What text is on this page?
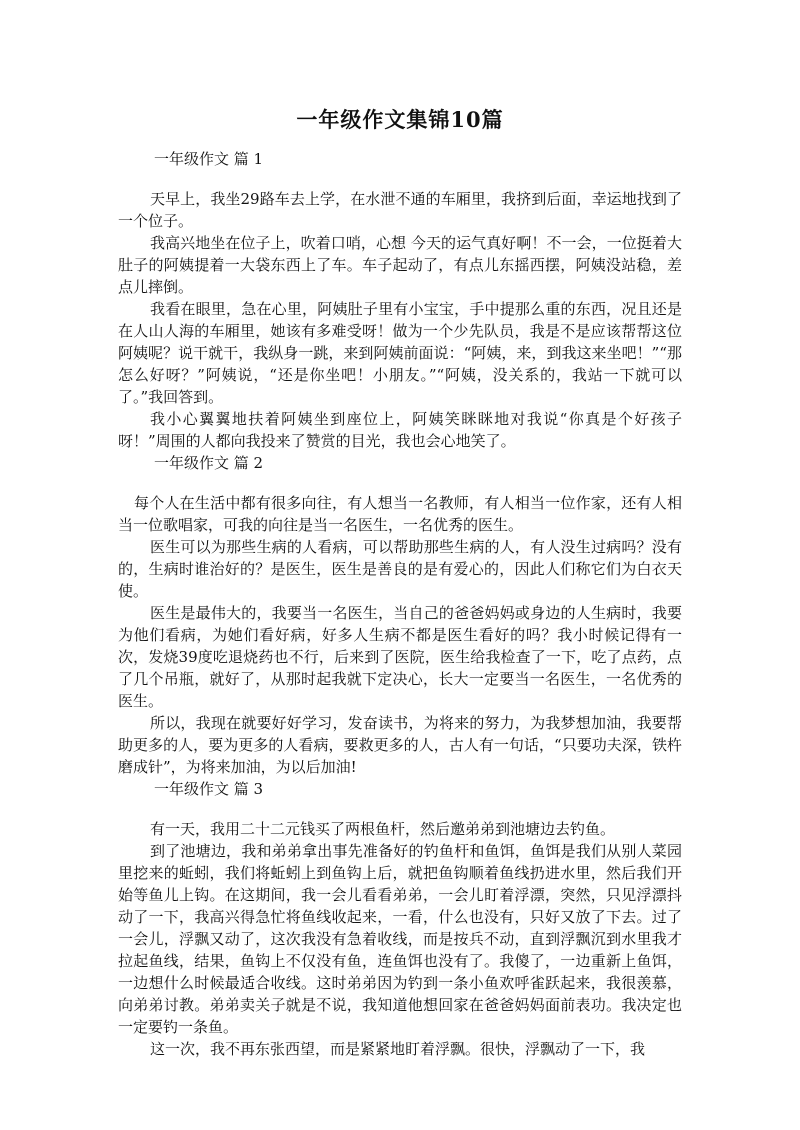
一年级作文集锦10篇
一年级作文 篇 1

天早上，我坐29路车去上学，在水泄不通的车厢里，我挤到后面，幸运地找到了一个位子。

我高兴地坐在位子上，吹着口哨，心想 今天的运气真好啊！不一会，一位挺着大肚子的阿姨提着一大袋东西上了车。车子起动了，有点儿东摇西摆，阿姨没站稳，差点儿摔倒。

我看在眼里，急在心里，阿姨肚子里有小宝宝，手中提那么重的东西，况且还是在人山人海的车厢里，她该有多难受呀！做为一个少先队员，我是不是应该帮帮这位阿姨呢？说干就干，我纵身一跳，来到阿姨前面说：“阿姨，来，到我这来坐吧！”“那怎么好呀？”阿姨说，“还是你坐吧！小朋友。”“阿姨，没关系的，我站一下就可以了。”我回答到。

我小心翼翼地扶着阿姨坐到座位上，阿姨笑眯眯地对我说“你真是个好孩子呀！”周围的人都向我投来了赞赏的目光，我也会心地笑了。

一年级作文 篇 2

每个人在生活中都有很多向往，有人想当一名教师，有人相当一位作家，还有人相当一位歌唱家，可我的向往是当一名医生，一名优秀的医生。

医生可以为那些生病的人看病，可以帮助那些生病的人，有人没生过病吗？没有的，生病时谁治好的？是医生，医生是善良的是有爱心的，因此人们称它们为白衣天使。

医生是最伟大的，我要当一名医生，当自己的爸爸妈妈或身边的人生病时，我要为他们看病，为她们看好病，好多人生病不都是医生看好的吗？我小时候记得有一次，发烧39度吃退烧药也不行，后来到了医院，医生给我检查了一下，吃了点药，点了几个吊瓶，就好了，从那时起我就下定决心，长大一定要当一名医生，一名优秀的医生。

所以，我现在就要好好学习，发奋读书，为将来的努力，为我梦想加油，我要帮助更多的人，要为更多的人看病，要救更多的人，古人有一句话，“只要功夫深，铁杵磨成针”，为将来加油，为以后加油!

一年级作文 篇 3

有一天，我用二十二元钱买了两根鱼杆，然后邀弟弟到池塘边去钓鱼。

到了池塘边，我和弟弟拿出事先准备好的钓鱼杆和鱼饵，鱼饵是我们从别人菜园里挖来的蚯蚓，我们将蚯蚓上到鱼钩上后，就把鱼钩顺着鱼线扔进水里，然后我们开始等鱼儿上钩。在这期间，我一会儿看看弟弟，一会儿盯着浮漂，突然，只见浮漂抖动了一下，我高兴得急忙将鱼线收起来，一看，什么也没有，只好又放了下去。过了一会儿，浮飘又动了，这次我没有急着收线，而是按兵不动，直到浮飘沉到水里我才拉起鱼线，结果，鱼钩上不仅没有鱼，连鱼饵也没有了。我傻了，一边重新上鱼饵，一边想什么时候最适合收线。这时弟弟因为钓到一条小鱼欢呼雀跃起来，我很羡慕，向弟弟讨教。弟弟卖关子就是不说，我知道他想回家在爸爸妈妈面前表功。我决定也一定要钓一条鱼。

这一次，我不再东张西望，而是紧紧地盯着浮飘。很快，浮飘动了一下，我
